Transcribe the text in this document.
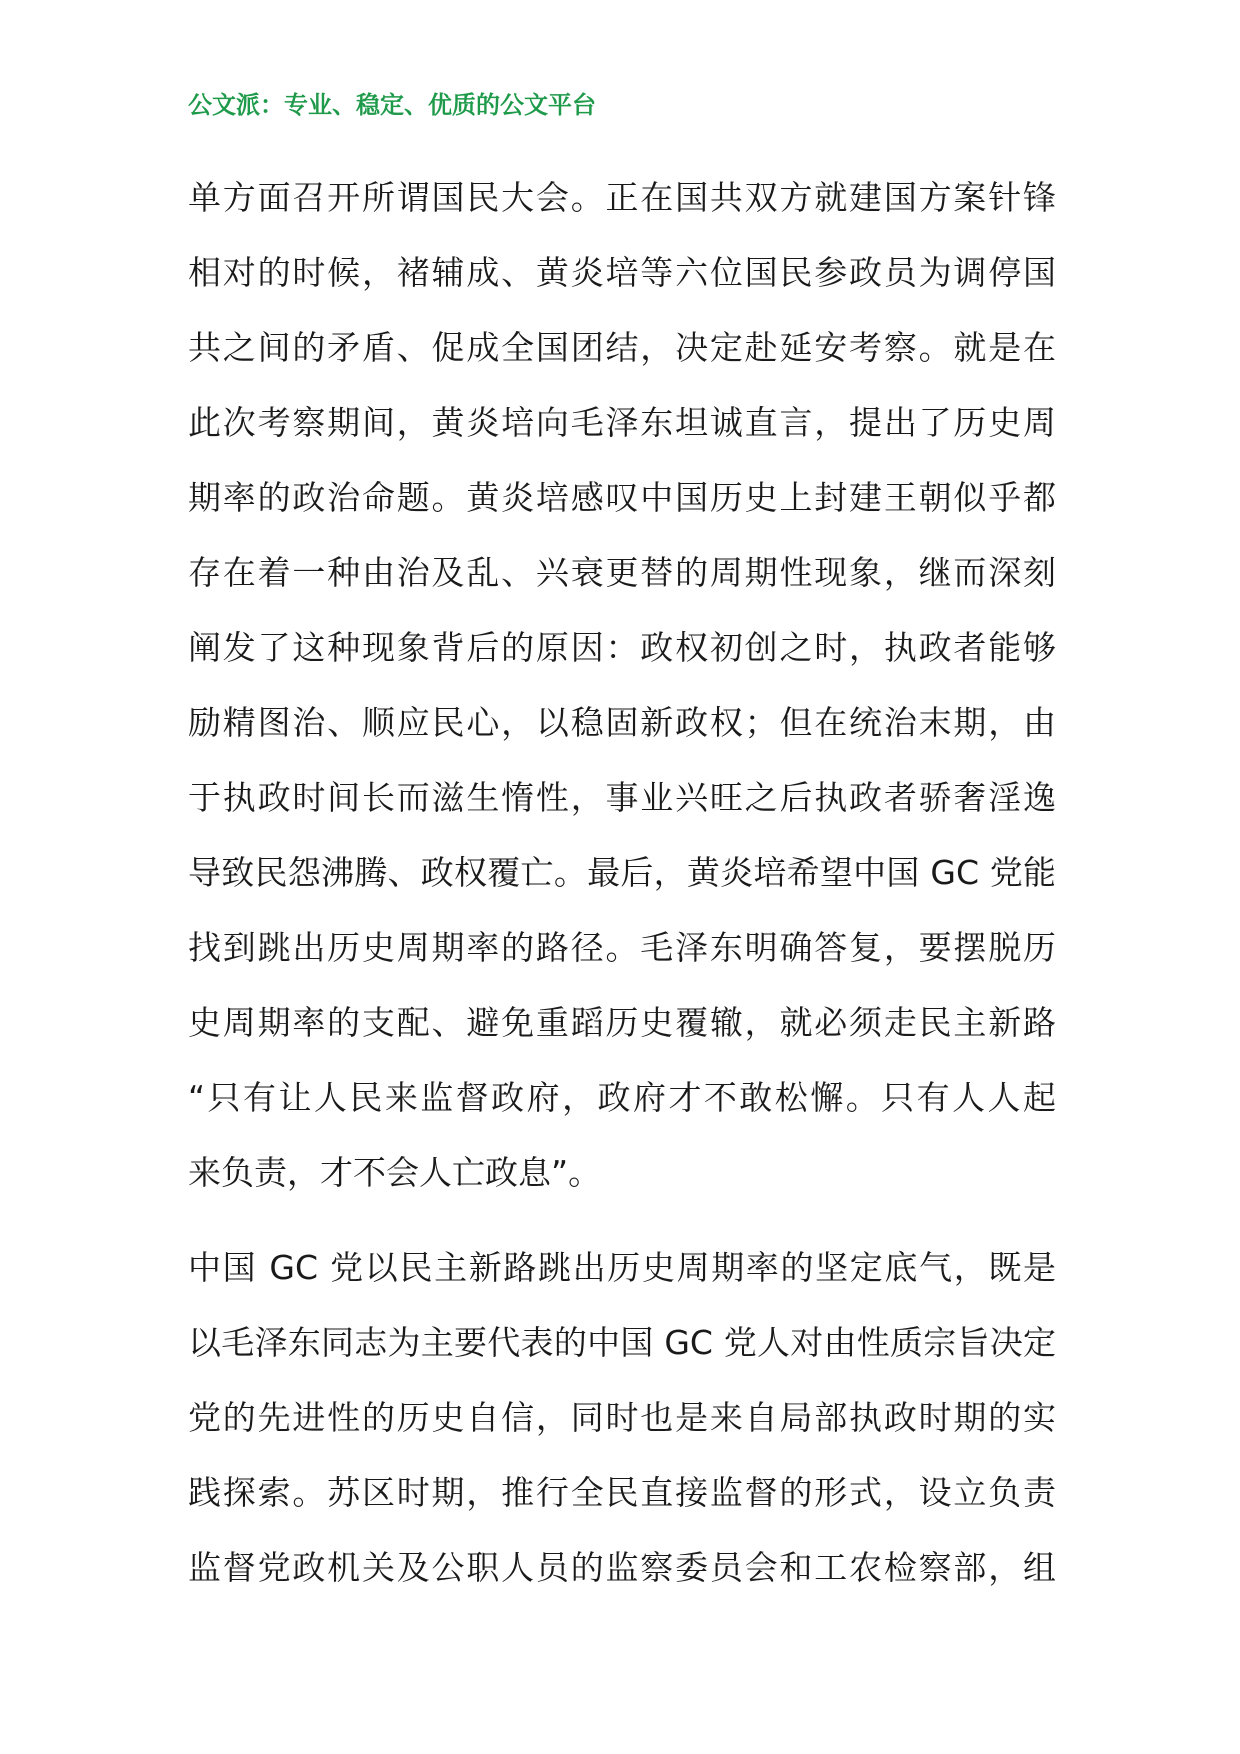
公文派：专业、稳定、优质的公文平台
单方面召开所谓国民大会。正在国共双方就建国方案针锋
相对的时候，褚辅成、黄炎培等六位国民参政员为调停国
共之间的矛盾、促成全国团结，决定赴延安考察。就是在
此次考察期间，黄炎培向毛泽东坦诚直言，提出了历史周
期率的政治命题。黄炎培感叹中国历史上封建王朝似乎都
存在着一种由治及乱、兴衰更替的周期性现象，继而深刻
阐发了这种现象背后的原因：政权初创之时，执政者能够
励精图治、顺应民心，以稳固新政权；但在统治末期，由
于执政时间长而滋生惰性，事业兴旺之后执政者骄奢淫逸
导致民怨沸腾、政权覆亡。最后，黄炎培希望中国 GC 党能
找到跳出历史周期率的路径。毛泽东明确答复，要摆脱历
史周期率的支配、避免重蹈历史覆辙，就必须走民主新路
“只有让人民来监督政府，政府才不敢松懈。只有人人起
来负责，才不会人亡政息”。
中国 GC 党以民主新路跳出历史周期率的坚定底气，既是
以毛泽东同志为主要代表的中国 GC 党人对由性质宗旨决定
党的先进性的历史自信，同时也是来自局部执政时期的实
践探索。苏区时期，推行全民直接监督的形式，设立负责
监督党政机关及公职人员的监察委员会和工农检察部，组
